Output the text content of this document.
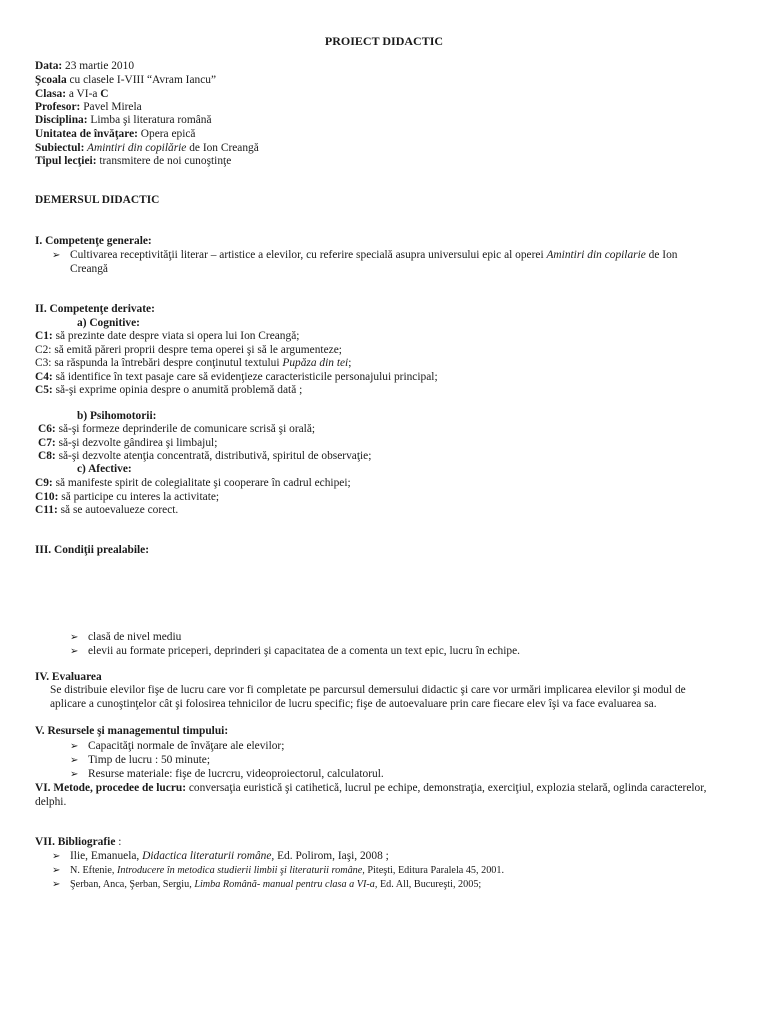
PROIECT DIDACTIC
Data: 23 martie 2010
Şcoala cu clasele I-VIII “Avram Iancu”
Clasa: a VI-a C
Profesor: Pavel Mirela
Disciplina: Limba şi literatura română
Unitatea de învăţare: Opera epică
Subiectul: Amintiri din copilărie de Ion Creangă
Tipul lecţiei: transmitere de noi cunoştinţe
DEMERSUL DIDACTIC
I. Competenţe generale:
➢ Cultivarea receptivităţii literar – artistice a elevilor, cu referire specială asupra universului epic al operei Amintiri din copilarie de Ion
Creangă
II. Competenţe derivate:
a) Cognitive:
C1: să prezinte date despre viata si opera lui Ion Creangă;
C2: să emită păreri proprii despre tema operei şi să le argumenteze;
C3: sa răspunda la întrebări despre conţinutul textului Pupăza din tei;
C4: să identifice în text pasaje care să evidenţieze caracteristicile personajului principal;
C5: să-şi exprime opinia despre o anumită problemă dată ;
b) Psihomotorii:
C6: să-şi formeze deprinderile de comunicare scrisă şi orală;
C7: să-şi dezvolte gândirea şi limbajul;
C8: să-şi dezvolte atenţia concentrată, distributivă, spiritul de observaţie;
c) Afective:
C9: să manifeste spirit de colegialitate şi cooperare în cadrul echipei;
C10: să participe cu interes la activitate;
C11: să se autoevalueze corect.
III. Condiţii prealabile:
➢ clasă de nivel mediu
➢ elevii au formate priceperi, deprinderi şi capacitatea de a comenta un text epic, lucru în echipe.
IV. Evaluarea
Se distribuie elevilor fişe de lucru care vor fi completate pe parcursul demersului didactic şi care vor urmări implicarea elevilor şi modul de
aplicare a cunoştinţelor cât şi folosirea tehnicilor de lucru specific; fişe de autoevaluare prin care fiecare elev îşi va face evaluarea sa.
V. Resursele şi managementul timpului:
➢ Capacităţi normale de învăţare ale elevilor;
➢ Timp de lucru : 50 minute;
➢ Resurse materiale: fişe de lucrcru, videoproiectorul, calculatorul.
VI. Metode, procedee de lucru: conversaţia euristică şi catihetică, lucrul pe echipe, demonstraţia, exerciţiul, explozia stelară, oglinda caracterelor,
delphi.
VII. Bibliografie :
➢ Ilie, Emanuela, Didactica literaturii române, Ed. Polirom, Iaşi, 2008 ;
➢ N. Eftenie, Introducere în metodica studierii limbii şi literaturii române, Piteşti, Editura Paralela 45, 2001.
➢ Şerban, Anca, Şerban, Sergiu, Limba Română- manual pentru clasa a VI-a, Ed. All, Bucureşti, 2005;
